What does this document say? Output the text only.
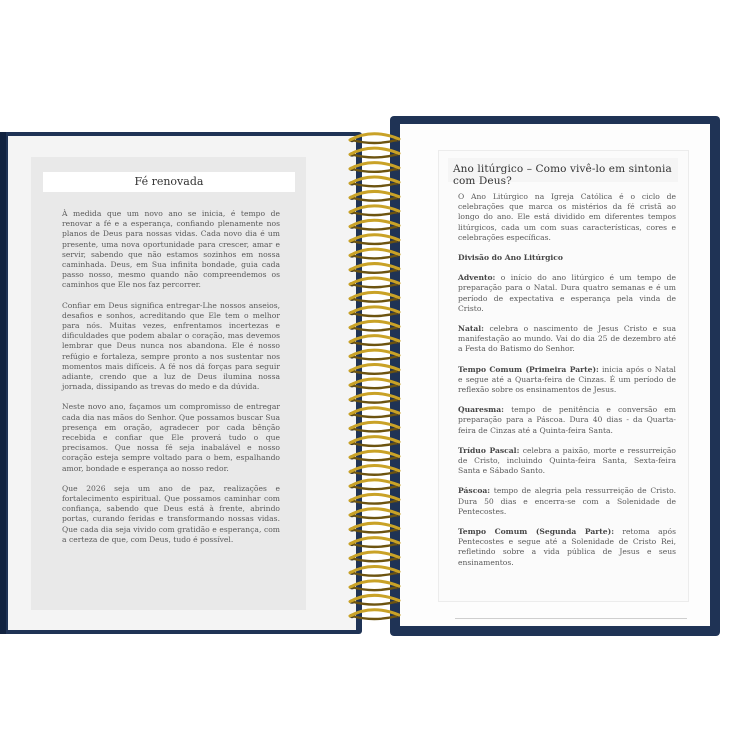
Fé renovada

À medida que um novo ano se inicia, é tempo de renovar a fé e a esperança, confiando plenamente nos planos de Deus para nossas vidas. Cada novo dia é um presente, uma nova oportunidade para crescer, amar e servir, sabendo que não estamos sozinhos em nossa caminhada. Deus, em Sua infinita bondade, guia cada passo nosso, mesmo quando não compreendemos os caminhos que Ele nos faz percorrer.

Confiar em Deus significa entregar-Lhe nossos anseios, desafios e sonhos, acreditando que Ele tem o melhor para nós. Muitas vezes, enfrentamos incertezas e dificuldades que podem abalar o coração, mas devemos lembrar que Deus nunca nos abandona. Ele é nosso refúgio e fortaleza, sempre pronto a nos sustentar nos momentos mais difíceis. A fé nos dá forças para seguir adiante, crendo que a luz de Deus ilumina nossa jornada, dissipando as trevas do medo e da dúvida.

Neste novo ano, façamos um compromisso de entregar cada dia nas mãos do Senhor. Que possamos buscar Sua presença em oração, agradecer por cada bênção recebida e confiar que Ele proverá tudo o que precisamos. Que nossa fé seja inabalável e nosso coração esteja sempre voltado para o bem, espalhando amor, bondade e esperança ao nosso redor.

Que 2026 seja um ano de paz, realizações e fortalecimento espiritual. Que possamos caminhar com confiança, sabendo que Deus está à frente, abrindo portas, curando feridas e transformando nossas vidas. Que cada dia seja vivido com gratidão e esperança, com a certeza de que, com Deus, tudo é possível.

Ano litúrgico – Como vivê-lo em sintonia com Deus?

O Ano Litúrgico na Igreja Católica é o ciclo de celebrações que marca os mistérios da fé cristã ao longo do ano. Ele está dividido em diferentes tempos litúrgicos, cada um com suas características, cores e celebrações específicas.

Divisão do Ano Litúrgico

Advento: o início do ano litúrgico é um tempo de preparação para o Natal. Dura quatro semanas e é um período de expectativa e esperança pela vinda de Cristo.

Natal: celebra o nascimento de Jesus Cristo e sua manifestação ao mundo. Vai do dia 25 de dezembro até a Festa do Batismo do Senhor.

Tempo Comum (Primeira Parte): inicia após o Natal e segue até a Quarta-feira de Cinzas. É um período de reflexão sobre os ensinamentos de Jesus.

Quaresma: tempo de penitência e conversão em preparação para a Páscoa. Dura 40 dias - da Quarta-feira de Cinzas até a Quinta-feira Santa.

Tríduo Pascal: celebra a paixão, morte e ressurreição de Cristo, incluindo Quinta-feira Santa, Sexta-feira Santa e Sábado Santo.

Páscoa: tempo de alegria pela ressurreição de Cristo. Dura 50 dias e encerra-se com a Solenidade de Pentecostes.

Tempo Comum (Segunda Parte): retoma após Pentecostes e segue até a Solenidade de Cristo Rei, refletindo sobre a vida pública de Jesus e seus ensinamentos.
